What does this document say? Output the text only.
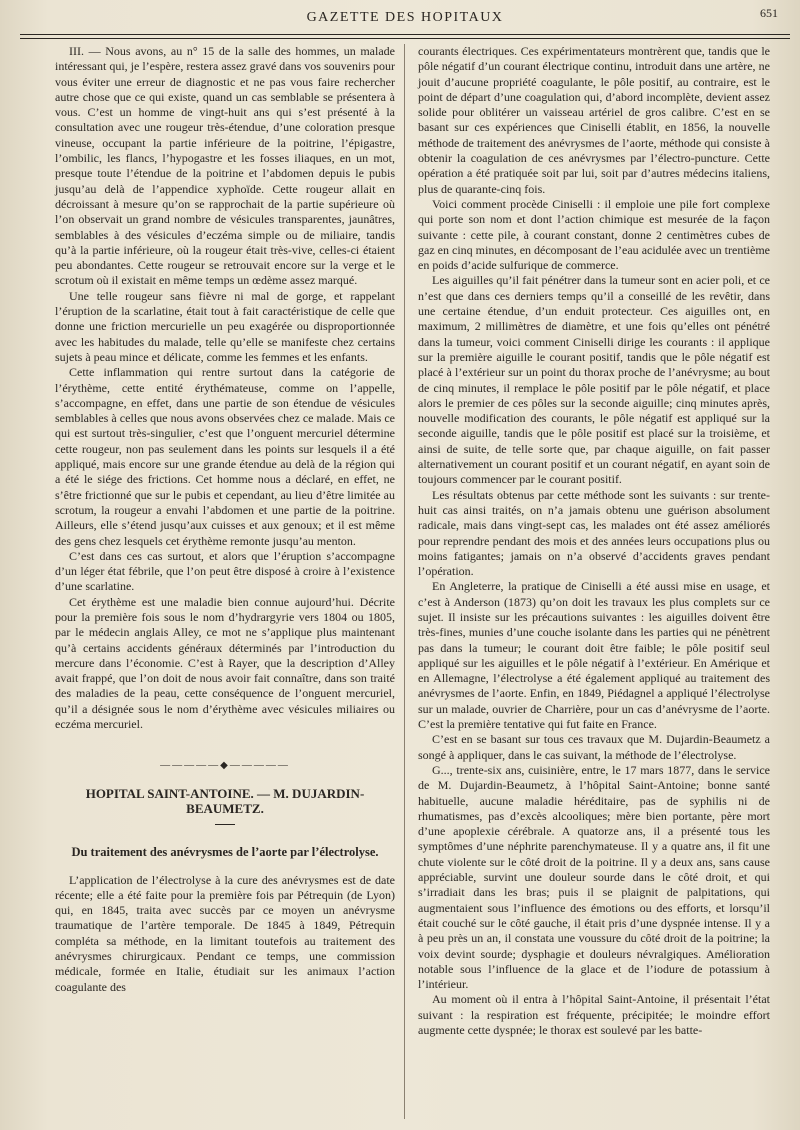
GAZETTE DES HOPITAUX	651

III. — Nous avons, au n° 15 de la salle des hommes, un malade intéressant qui, je l’espère, restera assez gravé dans vos souvenirs pour vous éviter une erreur de diagnostic et ne pas vous faire rechercher autre chose que ce qui existe, quand un cas semblable se présentera à vous. C’est un homme de vingt-huit ans qui s’est présenté à la consultation avec une rougeur très-étendue, d’une coloration presque vineuse, occupant la partie inférieure de la poitrine, l’épigastre, l’ombilic, les flancs, l’hypogastre et les fosses iliaques, en un mot, presque toute l’étendue de la poitrine et l’abdomen depuis le pubis jusqu’au delà de l’appendice xyphoïde. Cette rougeur allait en décroissant à mesure qu’on se rapprochait de la partie supérieure où l’on observait un grand nombre de vésicules transparentes, jaunâtres, semblables à des vésicules d’eczéma simple ou de miliaire, tandis qu’à la partie inférieure, où la rougeur était très-vive, celles-ci étaient peu abondantes. Cette rougeur se retrouvait encore sur la verge et le scrotum où il existait en même temps un œdème assez marqué.

Une telle rougeur sans fièvre ni mal de gorge, et rappelant l’éruption de la scarlatine, était tout à fait caractéristique de celle que donne une friction mercurielle un peu exagérée ou disproportionnée avec les habitudes du malade, telle qu’elle se manifeste chez certains sujets à peau mince et délicate, comme les femmes et les enfants.

Cette inflammation qui rentre surtout dans la catégorie de l’érythème, cette entité érythémateuse, comme on l’appelle, s’accompagne, en effet, dans une partie de son étendue de vésicules semblables à celles que nous avons observées chez ce malade. Mais ce qui est surtout très-singulier, c’est que l’onguent mercuriel détermine cette rougeur, non pas seulement dans les points sur lesquels il a été appliqué, mais encore sur une grande étendue au delà de la région qui a été le siége des frictions. Cet homme nous a déclaré, en effet, ne s’être frictionné que sur le pubis et cependant, au lieu d’être limitée au scrotum, la rougeur a envahi l’abdomen et une partie de la poitrine. Ailleurs, elle s’étend jusqu’aux cuisses et aux genoux; et il est même des gens chez lesquels cet érythème remonte jusqu’au menton.

C’est dans ces cas surtout, et alors que l’éruption s’accompagne d’un léger état fébrile, que l’on peut être disposé à croire à l’existence d’une scarlatine.

Cet érythème est une maladie bien connue aujourd’hui. Décrite pour la première fois sous le nom d’hydrargyrie vers 1804 ou 1805, par le médecin anglais Alley, ce mot ne s’applique plus maintenant qu’à certains accidents généraux déterminés par l’introduction du mercure dans l’économie. C’est à Rayer, que la description d’Alley avait frappé, que l’on doit de nous avoir fait connaître, dans son traité des maladies de la peau, cette conséquence de l’onguent mercuriel, qu’il a désignée sous le nom d’érythème avec vésicules miliaires ou eczéma mercuriel.

—————◆—————
HOPITAL SAINT-ANTOINE. — M. DUJARDIN-BEAUMETZ.
Du traitement des anévrysmes de l’aorte par l’électrolyse.

L’application de l’électrolyse à la cure des anévrysmes est de date récente; elle a été faite pour la première fois par Pétrequin (de Lyon) qui, en 1845, traita avec succès par ce moyen un anévrysme traumatique de l’artère temporale. De 1845 à 1849, Pétrequin compléta sa méthode, en la limitant toutefois au traitement des anévrysmes chirurgicaux. Pendant ce temps, une commission médicale, formée en Italie, étudiait sur les animaux l’action coagulante des

courants électriques. Ces expérimentateurs montrèrent que, tandis que le pôle négatif d’un courant électrique continu, introduit dans une artère, ne jouit d’aucune propriété coagulante, le pôle positif, au contraire, est le point de départ d’une coagulation qui, d’abord incomplète, devient assez solide pour oblitérer un vaisseau artériel de gros calibre. C’est en se basant sur ces expériences que Ciniselli établit, en 1856, la nouvelle méthode de traitement des anévrysmes de l’aorte, méthode qui consiste à obtenir la coagulation de ces anévrysmes par l’électro-puncture. Cette opération a été pratiquée soit par lui, soit par d’autres médecins italiens, plus de quarante-cinq fois.

Voici comment procède Ciniselli : il emploie une pile fort complexe qui porte son nom et dont l’action chimique est mesurée de la façon suivante : cette pile, à courant constant, donne 2 centimètres cubes de gaz en cinq minutes, en décomposant de l’eau acidulée avec un trentième en poids d’acide sulfurique de commerce.

Les aiguilles qu’il fait pénétrer dans la tumeur sont en acier poli, et ce n’est que dans ces derniers temps qu’il a conseillé de les revêtir, dans une certaine étendue, d’un enduit protecteur. Ces aiguilles ont, en maximum, 2 millimètres de diamètre, et une fois qu’elles ont pénétré dans la tumeur, voici comment Ciniselli dirige les courants : il applique sur la première aiguille le courant positif, tandis que le pôle négatif est placé à l’extérieur sur un point du thorax proche de l’anévrysme; au bout de cinq minutes, il remplace le pôle positif par le pôle négatif, et place alors le premier de ces pôles sur la seconde aiguille; cinq minutes après, nouvelle modification des courants, le pôle négatif est appliqué sur la seconde aiguille, tandis que le pôle positif est placé sur la troisième, et ainsi de suite, de telle sorte que, par chaque aiguille, on fait passer alternativement un courant positif et un courant négatif, en ayant soin de toujours commencer par le courant positif.

Les résultats obtenus par cette méthode sont les suivants : sur trente-huit cas ainsi traités, on n’a jamais obtenu une guérison absolument radicale, mais dans vingt-sept cas, les malades ont été assez améliorés pour reprendre pendant des mois et des années leurs occupations plus ou moins fatigantes; jamais on n’a observé d’accidents graves pendant l’opération.

En Angleterre, la pratique de Ciniselli a été aussi mise en usage, et c’est à Anderson (1873) qu’on doit les travaux les plus complets sur ce sujet. Il insiste sur les précautions suivantes : les aiguilles doivent être très-fines, munies d’une couche isolante dans les parties qui ne pénètrent pas dans la tumeur; le courant doit être faible; le pôle positif seul appliqué sur les aiguilles et le pôle négatif à l’extérieur. En Amérique et en Allemagne, l’électrolyse a été également appliqué au traitement des anévrysmes de l’aorte. Enfin, en 1849, Piédagnel a appliqué l’électrolyse sur un malade, ouvrier de Charrière, pour un cas d’anévrysme de l’aorte. C’est la première tentative qui fut faite en France.

C’est en se basant sur tous ces travaux que M. Dujardin-Beaumetz a songé à appliquer, dans le cas suivant, la méthode de l’électrolyse.

G..., trente-six ans, cuisinière, entre, le 17 mars 1877, dans le service de M. Dujardin-Beaumetz, à l’hôpital Saint-Antoine; bonne santé habituelle, aucune maladie héréditaire, pas de syphilis ni de rhumatismes, pas d’excès alcooliques; mère bien portante, père mort d’une apoplexie cérébrale. A quatorze ans, il a présenté tous les symptômes d’une néphrite parenchymateuse. Il y a quatre ans, il fit une chute violente sur le côté droit de la poitrine. Il y a deux ans, sans cause appréciable, survint une douleur sourde dans le côté droit, et qui s’irradiait dans les bras; puis il se plaignit de palpitations, qui augmentaient sous l’influence des émotions ou des efforts, et lorsqu’il était couché sur le côté gauche, il était pris d’une dyspnée intense. Il y a à peu près un an, il constata une voussure du côté droit de la poitrine; la voix devint sourde; dysphagie et douleurs névralgiques. Amélioration notable sous l’influence de la glace et de l’iodure de potassium à l’intérieur.

Au moment où il entra à l’hôpital Saint-Antoine, il présentait l’état suivant : la respiration est fréquente, précipitée; le moindre effort augmente cette dyspnée; le thorax est soulevé par les batte-
